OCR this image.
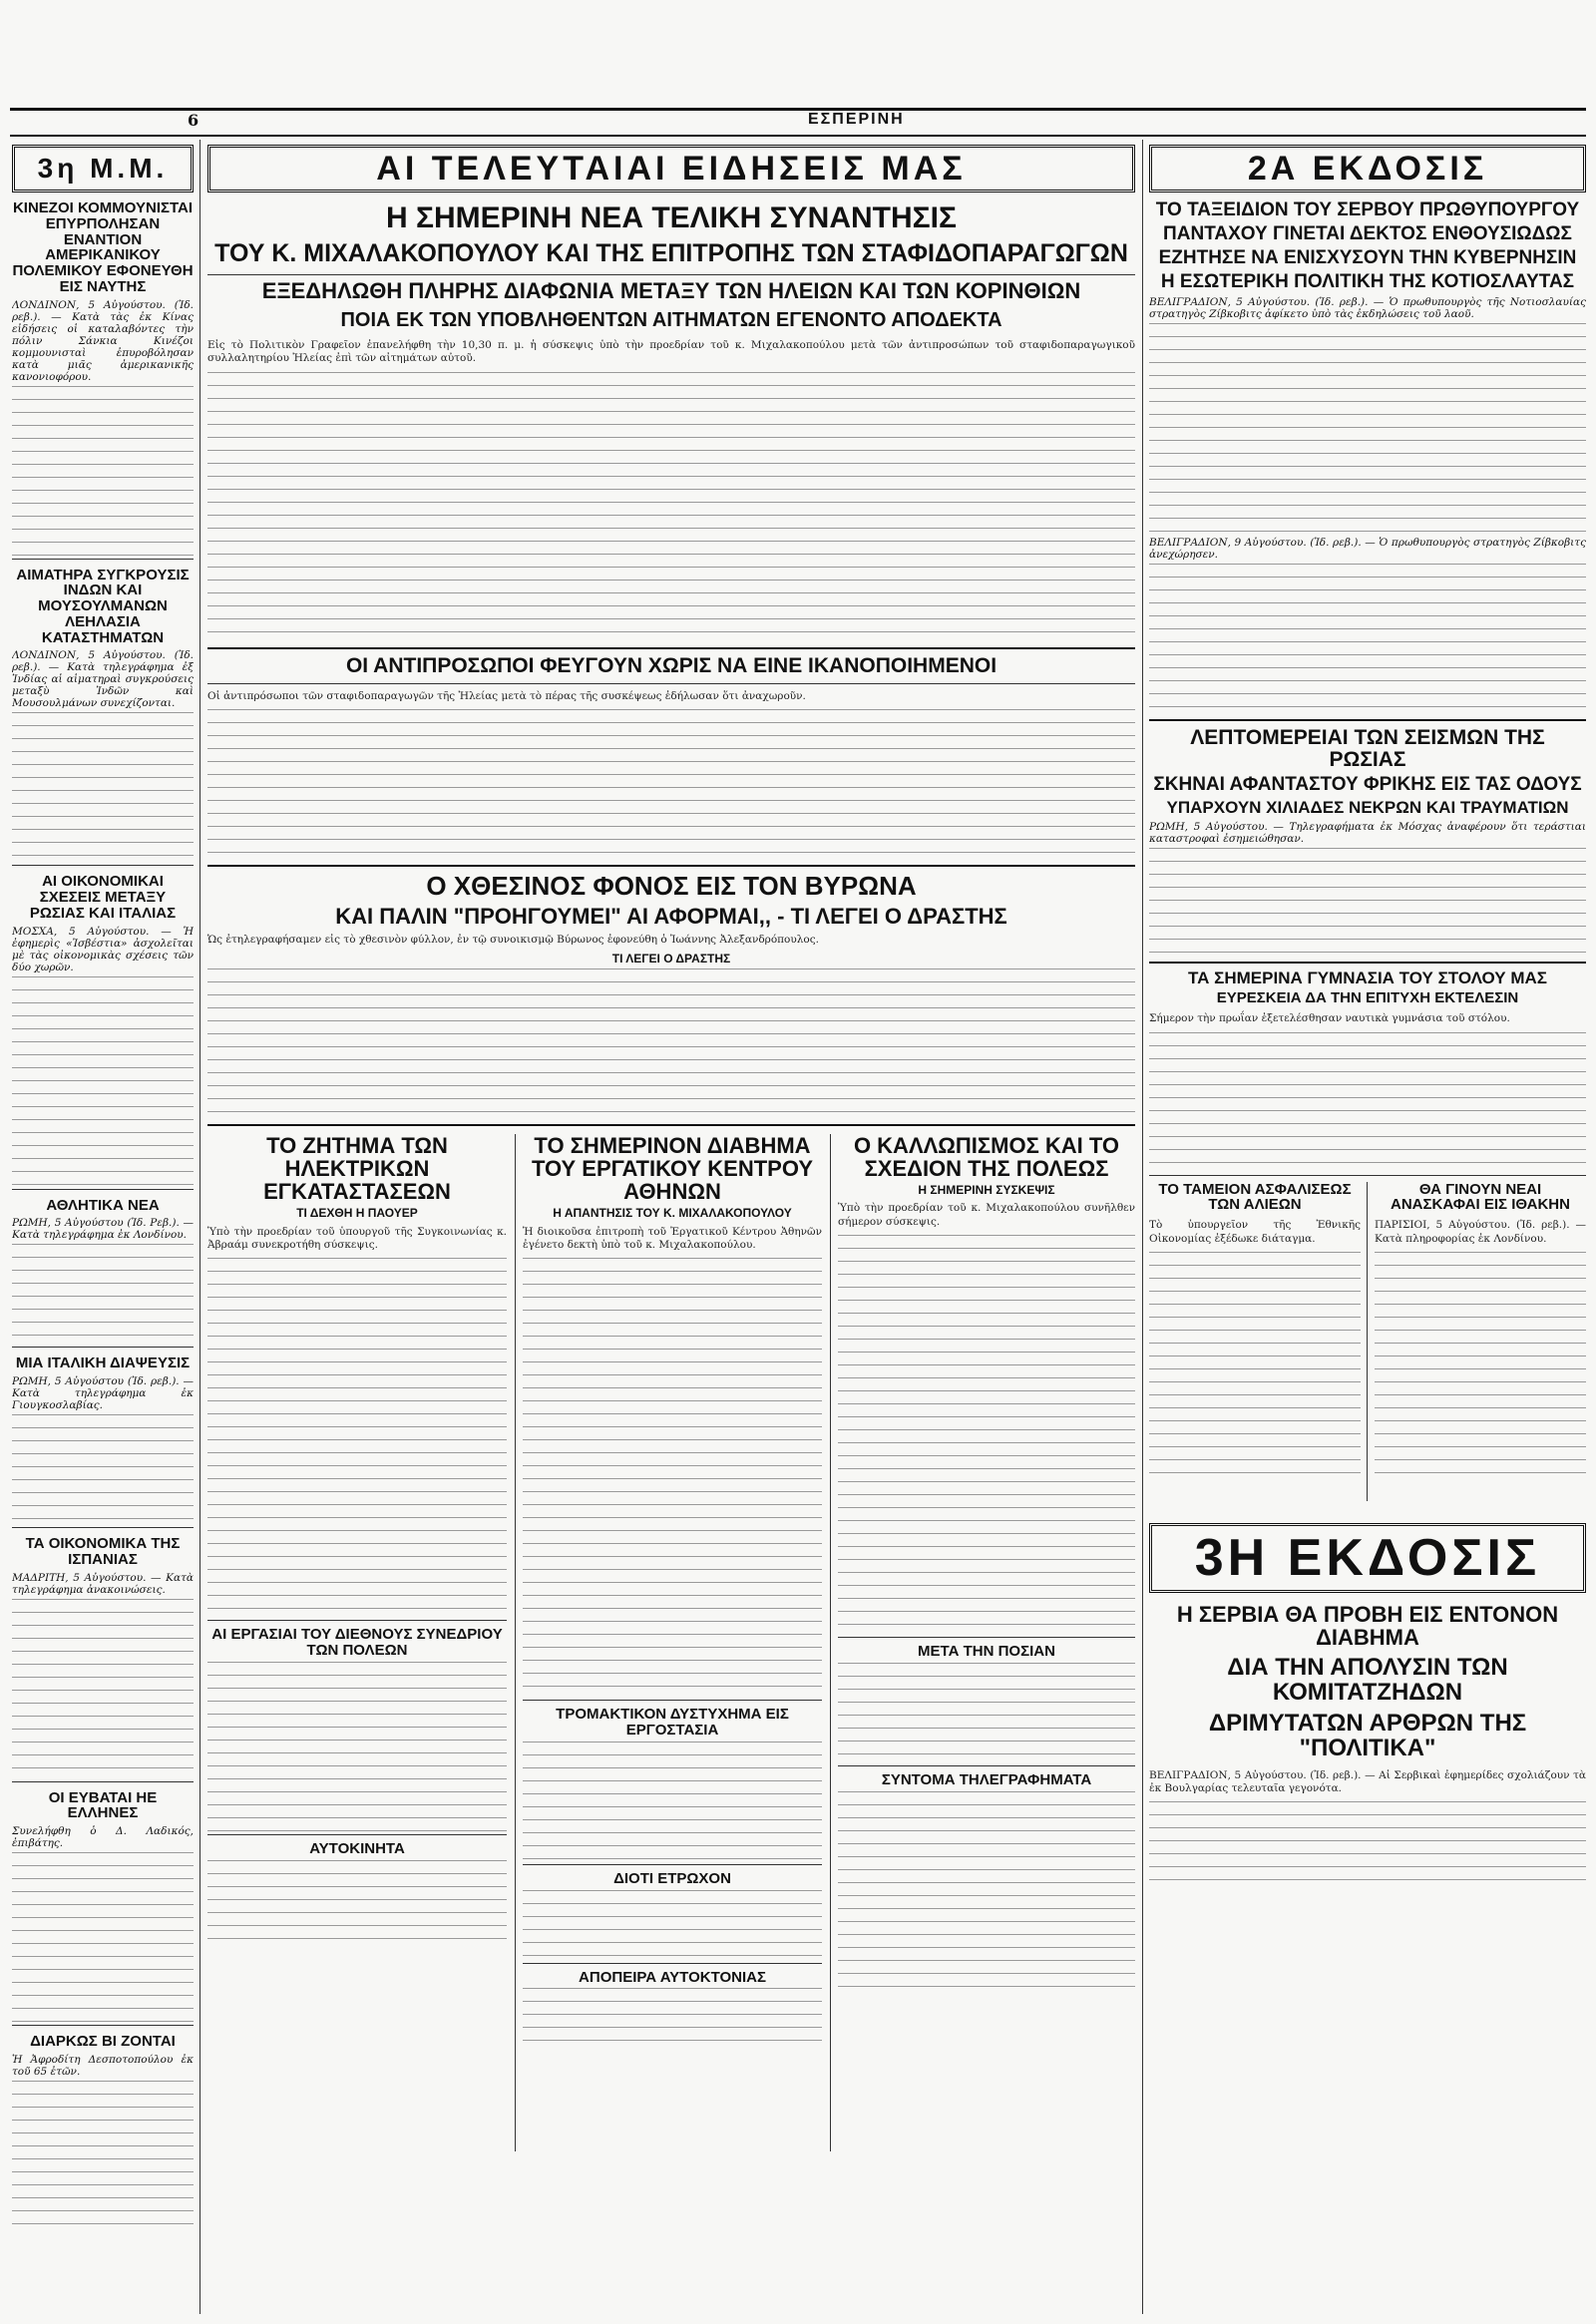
6	ΕΣΠΕΡΙΝΗ
3η Μ.Μ.

ΚΙΝΕΖΟΙ ΚΟΜΜΟΥΝΙΣΤΑΙ ΕΠΥΡΠΟΛΗΣΑΝ ΕΝΑΝΤΙΟΝ ΑΜΕΡΙΚΑΝΙΚΟΥ ΠΟΛΕΜΙΚΟΥ ΕΦΟΝΕΥΘΗ ΕΙΣ ΝΑΥΤΗΣ

ΛΟΝΔΙΝΟΝ, 5 Αὐγούστου. (Ἰδ. ρεβ.). — Κατὰ τὰς ἐκ Κίνας εἰδήσεις οἱ καταλαβόντες τὴν πόλιν Σάνκια Κινέζοι κομμουνισταὶ ἐπυροβόλησαν κατὰ μιᾶς ἀμερικανικῆς κανονιοφόρου.

ΑΙΜΑΤΗΡΑ ΣΥΓΚΡΟΥΣΙΣ ΙΝΔΩΝ ΚΑΙ ΜΟΥΣΟΥΛΜΑΝΩΝ ΛΕΗΛΑΣΙΑ ΚΑΤΑΣΤΗΜΑΤΩΝ

ΛΟΝΔΙΝΟΝ, 5 Αὐγούστου. (Ἰδ. ρεβ.). — Κατὰ τηλεγράφημα ἐξ Ἰνδίας αἱ αἱματηραὶ συγκρούσεις μεταξὺ Ἰνδῶν καὶ Μουσουλμάνων συνεχίζονται.

ΑΙ ΟΙΚΟΝΟΜΙΚΑΙ ΣΧΕΣΕΙΣ ΜΕΤΑΞΥ ΡΩΣΙΑΣ ΚΑΙ ΙΤΑΛΙΑΣ

ΜΟΣΧΑ, 5 Αὐγούστου. — Ἡ ἐφημερὶς «Ἰσβέστια» ἀσχολεῖται μὲ τὰς οἰκονομικὰς σχέσεις τῶν δύο χωρῶν.

ΑΘΛΗΤΙΚΑ ΝΕΑ

ΡΩΜΗ, 5 Αὐγούστου (Ἰδ. Ρεβ.). — Κατὰ τηλεγράφημα ἐκ Λονδίνου.

ΜΙΑ ΙΤΑΛΙΚΗ ΔΙΑΨΕΥΣΙΣ

ΡΩΜΗ, 5 Αὐγούστου (Ἰδ. ρεβ.). — Κατὰ τηλεγράφημα ἐκ Γιουγκοσλαβίας.

ΤΑ ΟΙΚΟΝΟΜΙΚΑ ΤΗΣ ΙΣΠΑΝΙΑΣ

ΜΑΔΡΙΤΗ, 5 Αὐγούστου. — Κατὰ τηλεγράφημα ἀνακοινώσεις.

ΟΙ ΕΥΒΑΤΑΙ ΗΕ ΕΛΛΗΝΕΣ

Συνελήφθη ὁ Δ. Λαδικός, ἐπιβάτης.

ΔΙΑΡΚΩΣ ΒΙ ΖΟΝΤΑΙ

Ἡ Ἀφροδίτη Δεσποτοπούλου ἐκ τοῦ 65 ἐτῶν.

ΑΙ ΤΕΛΕΥΤΑΙΑΙ ΕΙΔΗΣΕΙΣ ΜΑΣ

Η ΣΗΜΕΡΙΝΗ ΝΕΑ ΤΕΛΙΚΗ ΣΥΝΑΝΤΗΣΙΣ

ΤΟΥ Κ. ΜΙΧΑΛΑΚΟΠΟΥΛΟΥ ΚΑΙ ΤΗΣ ΕΠΙΤΡΟΠΗΣ ΤΩΝ ΣΤΑΦΙΔΟΠΑΡΑΓΩΓΩΝ

ΕΞΕΔΗΛΩΘΗ ΠΛΗΡΗΣ ΔΙΑΦΩΝΙΑ ΜΕΤΑΞΥ ΤΩΝ ΗΛΕΙΩΝ ΚΑΙ ΤΩΝ ΚΟΡΙΝΘΙΩΝ

ΠΟΙΑ ΕΚ ΤΩΝ ΥΠΟΒΛΗΘΕΝΤΩΝ ΑΙΤΗΜΑΤΩΝ ΕΓΕΝΟΝΤΟ ΑΠΟΔΕΚΤΑ

Εἰς τὸ Πολιτικὸν Γραφεῖον ἐπανελήφθη τὴν 10,30 π. μ. ἡ σύσκεψις ὑπὸ τὴν προεδρίαν τοῦ κ. Μιχαλακοπούλου μετὰ τῶν ἀντιπροσώπων τοῦ σταφιδοπαραγωγικοῦ συλλαλητηρίου Ἠλείας ἐπὶ τῶν αἰτημάτων αὐτοῦ.

ΟΙ ΑΝΤΙΠΡΟΣΩΠΟΙ ΦΕΥΓΟΥΝ ΧΩΡΙΣ ΝΑ ΕΙΝΕ ΙΚΑΝΟΠΟΙΗΜΕΝΟΙ

Οἱ ἀντιπρόσωποι τῶν σταφιδοπαραγωγῶν τῆς Ἠλείας μετὰ τὸ πέρας τῆς συσκέψεως ἐδήλωσαν ὅτι ἀναχωροῦν.

Ο ΧΘΕΣΙΝΟΣ ΦΟΝΟΣ ΕΙΣ ΤΟΝ ΒΥΡΩΝΑ

ΚΑΙ ΠΑΛΙΝ "ΠΡΟΗΓΟΥΜΕΙ" ΑΙ ΑΦΟΡΜΑΙ,, - ΤΙ ΛΕΓΕΙ Ο ΔΡΑΣΤΗΣ

Ὡς ἐτηλεγραφήσαμεν εἰς τὸ χθεσινὸν φύλλον, ἐν τῷ συνοικισμῷ Βύρωνος ἐφονεύθη ὁ Ἰωάννης Ἀλεξανδρόπουλος.

ΤΙ ΛΕΓΕΙ Ο ΔΡΑΣΤΗΣ

ΤΟ ΖΗΤΗΜΑ ΤΩΝ ΗΛΕΚΤΡΙΚΩΝ ΕΓΚΑΤΑΣΤΑΣΕΩΝ

ΤΙ ΔΕΧΘΗ Η ΠΑΟΥΕΡ

Ὑπὸ τὴν προεδρίαν τοῦ ὑπουργοῦ τῆς Συγκοινωνίας κ. Ἀβραάμ συνεκροτήθη σύσκεψις.

ΑΙ ΕΡΓΑΣΙΑΙ ΤΟΥ ΔΙΕΘΝΟΥΣ ΣΥΝΕΔΡΙΟΥ ΤΩΝ ΠΟΛΕΩΝ

ΑΥΤΟΚΙΝΗΤΑ

ΤΟ ΣΗΜΕΡΙΝΟΝ ΔΙΑΒΗΜΑ ΤΟΥ ΕΡΓΑΤΙΚΟΥ ΚΕΝΤΡΟΥ ΑΘΗΝΩΝ

Η ΑΠΑΝΤΗΣΙΣ ΤΟΥ Κ. ΜΙΧΑΛΑΚΟΠΟΥΛΟΥ

Ἡ διοικοῦσα ἐπιτροπὴ τοῦ Ἐργατικοῦ Κέντρου Ἀθηνῶν ἐγένετο δεκτὴ ὑπὸ τοῦ κ. Μιχαλακοπούλου.

ΤΡΟΜΑΚΤΙΚΟΝ ΔΥΣΤΥΧΗΜΑ ΕΙΣ ΕΡΓΟΣΤΑΣΙΑ

ΔΙΟΤΙ ΕΤΡΩΧΟΝ

ΑΠΟΠΕΙΡΑ ΑΥΤΟΚΤΟΝΙΑΣ

Ο ΚΑΛΛΩΠΙΣΜΟΣ ΚΑΙ ΤΟ ΣΧΕΔΙΟΝ ΤΗΣ ΠΟΛΕΩΣ

Η ΣΗΜΕΡΙΝΗ ΣΥΣΚΕΨΙΣ

Ὑπὸ τὴν προεδρίαν τοῦ κ. Μιχαλακοπούλου συνῆλθεν σήμερον σύσκεψις.

ΜΕΤΑ ΤΗΝ ΠΟΣΙΑΝ

ΣΥΝΤΟΜΑ ΤΗΛΕΓΡΑΦΗΜΑΤΑ

2Α ΕΚΔΟΣΙΣ

ΤΟ ΤΑΞΕΙΔΙΟΝ ΤΟΥ ΣΕΡΒΟΥ ΠΡΩΘΥΠΟΥΡΓΟΥ

ΠΑΝΤΑΧΟΥ ΓΙΝΕΤΑΙ ΔΕΚΤΟΣ ΕΝΘΟΥΣΙΩΔΩΣ

ΕΖΗΤΗΣΕ ΝΑ ΕΝΙΣΧΥΣΟΥΝ ΤΗΝ ΚΥΒΕΡΝΗΣΙΝ

Η ΕΣΩΤΕΡΙΚΗ ΠΟΛΙΤΙΚΗ ΤΗΣ ΚΟΤΙΟΣΛΑΥΤΑΣ

ΒΕΛΙΓΡΑΔΙΟΝ, 5 Αὐγούστου. (Ἰδ. ρεβ.). — Ὁ πρωθυπουργὸς τῆς Νοτιοσλαυίας στρατηγὸς Ζίβκοβιτς ἀφίκετο ὑπὸ τὰς ἐκδηλώσεις τοῦ λαοῦ.

ΒΕΛΙΓΡΑΔΙΟΝ, 9 Αὐγούστου. (Ἰδ. ρεβ.). — Ὁ πρωθυπουργὸς στρατηγὸς Ζίβκοβιτς ἀνεχώρησεν.

ΛΕΠΤΟΜΕΡΕΙΑΙ ΤΩΝ ΣΕΙΣΜΩΝ ΤΗΣ ΡΩΣΙΑΣ

ΣΚΗΝΑΙ ΑΦΑΝΤΑΣΤΟΥ ΦΡΙΚΗΣ ΕΙΣ ΤΑΣ ΟΔΟΥΣ

ΥΠΑΡΧΟΥΝ ΧΙΛΙΑΔΕΣ ΝΕΚΡΩΝ ΚΑΙ ΤΡΑΥΜΑΤΙΩΝ

ΡΩΜΗ, 5 Αὐγούστου. — Τηλεγραφήματα ἐκ Μόσχας ἀναφέρουν ὅτι τεράστιαι καταστροφαὶ ἐσημειώθησαν.

ΤΑ ΣΗΜΕΡΙΝΑ ΓΥΜΝΑΣΙΑ ΤΟΥ ΣΤΟΛΟΥ ΜΑΣ

ΕΥΡΕΣΚΕΙΑ ΔΑ ΤΗΝ ΕΠΙΤΥΧΗ ΕΚΤΕΛΕΣΙΝ

Σήμερον τὴν πρωΐαν ἐξετελέσθησαν ναυτικὰ γυμνάσια τοῦ στόλου.

ΤΟ ΤΑΜΕΙΟΝ ΑΣΦΑΛΙΣΕΩΣ ΤΩΝ ΑΛΙΕΩΝ

Τὸ ὑπουργεῖον τῆς Ἐθνικῆς Οἰκονομίας ἐξέδωκε διάταγμα.

ΘΑ ΓΙΝΟΥΝ ΝΕΑΙ ΑΝΑΣΚΑΦΑΙ ΕΙΣ ΙΘΑΚΗΝ

ΠΑΡΙΣΙΟΙ, 5 Αὐγούστου. (Ἰδ. ρεβ.). — Κατὰ πληροφορίας ἐκ Λονδίνου.

3Η ΕΚΔΟΣΙΣ

Η ΣΕΡΒΙΑ ΘΑ ΠΡΟΒΗ ΕΙΣ ΕΝΤΟΝΟΝ ΔΙΑΒΗΜΑ

ΔΙΑ ΤΗΝ ΑΠΟΛΥΣΙΝ ΤΩΝ ΚΟΜΙΤΑΤΖΗΔΩΝ

ΔΡΙΜΥΤΑΤΩΝ ΑΡΘΡΩΝ ΤΗΣ "ΠΟΛΙΤΙΚΑ"

ΒΕΛΙΓΡΑΔΙΟΝ, 5 Αὐγούστου. (Ἰδ. ρεβ.). — Αἱ Σερβικαὶ ἐφημερίδες σχολιάζουν τὰ ἐκ Βουλγαρίας τελευταῖα γεγονότα.
